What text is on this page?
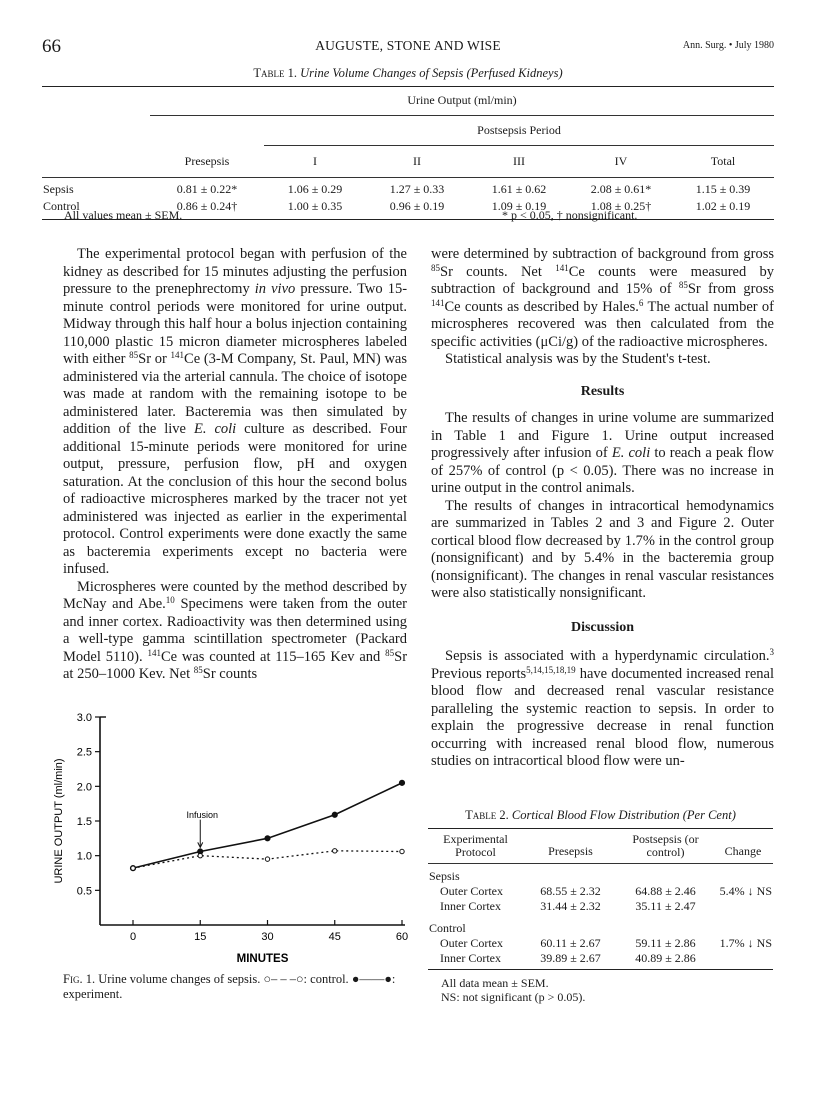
66	AUGUSTE, STONE AND WISE	Ann. Surg. • July 1980
Table 1. Urine Volume Changes of Sepsis (Perfused Kidneys)
	Urine Output (ml/min)					
		Postsepsis Period				
	Presepsis	I	II	III	IV	Total
Sepsis	0.81 ± 0.22*	1.06 ± 0.29	1.27 ± 0.33	1.61 ± 0.62	2.08 ± 0.61*	1.15 ± 0.39
Control	0.86 ± 0.24†	1.00 ± 0.35	0.96 ± 0.19	1.09 ± 0.19	1.08 ± 0.25†	1.02 ± 0.19
All values mean ± SEM.	* p < 0.05, † nonsignificant.

The experimental protocol began with perfusion of the kidney as described for 15 minutes adjusting the perfusion pressure to the prenephrectomy in vivo pressure. Two 15-minute control periods were monitored for urine output. Midway through this half hour a bolus injection containing 110,000 plastic 15 micron diameter microspheres labeled with either $^{85}$Sr or $^{141}$Ce (3-M Company, St. Paul, MN) was administered via the arterial cannula. The choice of isotope was made at random with the remaining isotope to be administered later. Bacteremia was then simulated by addition of the live E. coli culture as described. Four additional 15-minute periods were monitored for urine output, pressure, perfusion flow, pH and oxygen saturation. At the conclusion of this hour the second bolus of radioactive microspheres marked by the tracer not yet administered was injected as earlier in the experimental protocol. Control experiments were done exactly the same as bacteremia experiments except no bacteria were infused.

Microspheres were counted by the method described by McNay and Abe.$^{10}$ Specimens were taken from the outer and inner cortex. Radioactivity was then determined using a well-type gamma scintillation spectrometer (Packard Model 5110). $^{141}$Ce was counted at 115–165 Kev and $^{85}$Sr at 250–1000 Kev. Net $^{85}$Sr counts

were determined by subtraction of background from gross $^{85}$Sr counts. Net $^{141}$Ce counts were measured by subtraction of background and 15% of $^{85}$Sr from gross $^{141}$Ce counts as described by Hales.$^6$ The actual number of microspheres recovered was then calculated from the specific activities (μCi/g) of the radioactive microspheres.

Statistical analysis was by the Student's t-test.

Results

The results of changes in urine volume are summarized in Table 1 and Figure 1. Urine output increased progressively after infusion of E. coli to reach a peak flow of 257% of control (p < 0.05). There was no increase in urine output in the control animals.

The results of changes in intracortical hemodynamics are summarized in Tables 2 and 3 and Figure 2. Outer cortical blood flow decreased by 1.7% in the control group (nonsignificant) and by 5.4% in the bacteremia group (nonsignificant). The changes in renal vascular resistances were also statistically nonsignificant.

Discussion

Sepsis is associated with a hyperdynamic circulation.$^3$ Previous reports$^{5,14,15,18,19}$ have documented increased renal blood flow and decreased renal vascular resistance paralleling the systemic reaction to sepsis. In order to explain the progressive decrease in renal function occurring with increased renal blood flow, numerous studies on intracortical blood flow were un-

0.5
1.0
1.5
2.0
2.5
3.0
0	15	30	45	60
MINUTES
URINE OUTPUT (ml/min)	Infusion
Fig. 1. Urine volume changes of sepsis. ○– – –○: control. ●——●: experiment.
Table 2. Cortical Blood Flow Distribution (Per Cent)
Experimental Protocol	Presepsis	Postsepsis (or control)	Change
Sepsis			
Outer Cortex	68.55 ± 2.32	64.88 ± 2.46	5.4% ↓ NS
Inner Cortex	31.44 ± 2.32	35.11 ± 2.47	
Control			
Outer Cortex	60.11 ± 2.67	59.11 ± 2.86	1.7% ↓ NS
Inner Cortex	39.89 ± 2.67	40.89 ± 2.86	
All data mean ± SEM.
NS: not significant (p > 0.05).
